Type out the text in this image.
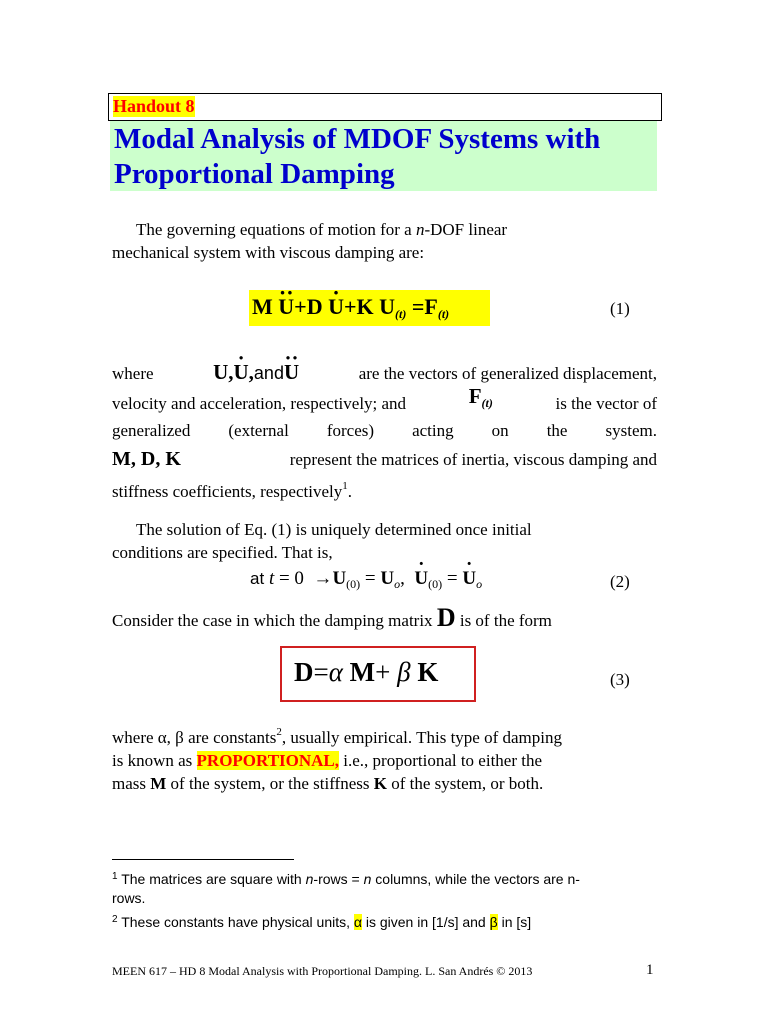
Handout 8
Modal Analysis of MDOF Systems with
Proportional Damping
The governing equations of motion for a n-DOF linear
mechanical system with viscous damping are:
M ·· U+D · U+K $U_{(t)} =F_{(t)}$	(1)
where	U,· U,and·· U	are the vectors of generalized displacement,
velocity and acceleration, respectively; and	$F_{(t)}$	is the vector of
generalized (external forces) acting on the system.
M, D, K	represent the matrices of inertia, viscous damping and
stiffness coefficients, respectively$^1$.
The solution of Eq. (1) is uniquely determined once initial
conditions are specified. That is,
at $t = 0 \to U_{(0)} = U_o$,  · $U_{(0)}$ = · $U_o$	(2)
Consider the case in which the damping matrix D is of the form
D=α M+ β K	(3)
where α, β are constants$^2$, usually empirical. This type of damping
is known as PROPORTIONAL, i.e., proportional to either the
mass M of the system, or the stiffness K of the system, or both.
$^1$ The matrices are square with n-rows = n columns, while the vectors are n-
rows.
$^2$ These constants have physical units, α is given in [1/s] and β in [s]
MEEN 617 – HD 8 Modal Analysis with Proportional Damping. L. San Andrés © 2013	1
